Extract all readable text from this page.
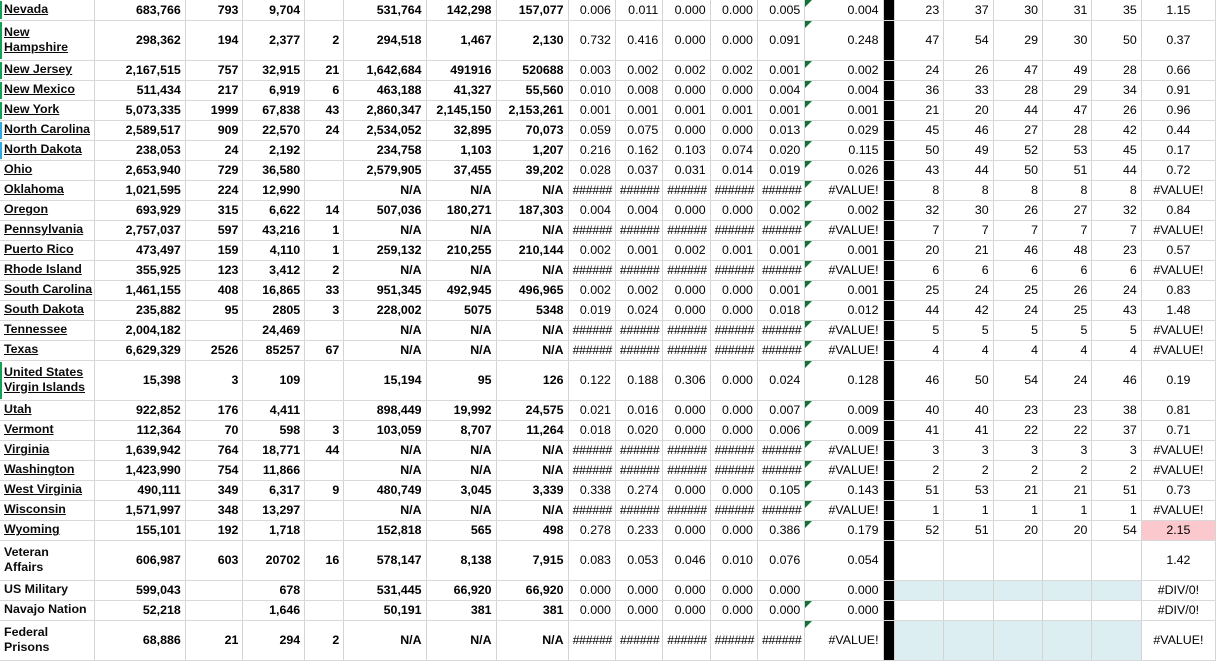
Nevada	683,766	793	9,704		531,764	142,298	157,077	0.006	0.011	0.000	0.000	0.005	0.004		23	37	30	31	35	1.15
New Hampshire	298,362	194	2,377	2	294,518	1,467	2,130	0.732	0.416	0.000	0.000	0.091	0.248		47	54	29	30	50	0.37
New Jersey	2,167,515	757	32,915	21	1,642,684	491916	520688	0.003	0.002	0.002	0.002	0.001	0.002		24	26	47	49	28	0.66
New Mexico	511,434	217	6,919	6	463,188	41,327	55,560	0.010	0.008	0.000	0.000	0.004	0.004		36	33	28	29	34	0.91
New York	5,073,335	1999	67,838	43	2,860,347	2,145,150	2,153,261	0.001	0.001	0.001	0.001	0.001	0.001		21	20	44	47	26	0.96
North Carolina	2,589,517	909	22,570	24	2,534,052	32,895	70,073	0.059	0.075	0.000	0.000	0.013	0.029		45	46	27	28	42	0.44
North Dakota	238,053	24	2,192		234,758	1,103	1,207	0.216	0.162	0.103	0.074	0.020	0.115		50	49	52	53	45	0.17
Ohio	2,653,940	729	36,580		2,579,905	37,455	39,202	0.028	0.037	0.031	0.014	0.019	0.026		43	44	50	51	44	0.72
Oklahoma	1,021,595	224	12,990		N/A	N/A	N/A	######	######	######	######	######	#VALUE!		8	8	8	8	8	#VALUE!
Oregon	693,929	315	6,622	14	507,036	180,271	187,303	0.004	0.004	0.000	0.000	0.002	0.002		32	30	26	27	32	0.84
Pennsylvania	2,757,037	597	43,216	1	N/A	N/A	N/A	######	######	######	######	######	#VALUE!		7	7	7	7	7	#VALUE!
Puerto Rico	473,497	159	4,110	1	259,132	210,255	210,144	0.002	0.001	0.002	0.001	0.001	0.001		20	21	46	48	23	0.57
Rhode Island	355,925	123	3,412	2	N/A	N/A	N/A	######	######	######	######	######	#VALUE!		6	6	6	6	6	#VALUE!
South Carolina	1,461,155	408	16,865	33	951,345	492,945	496,965	0.002	0.002	0.000	0.000	0.001	0.001		25	24	25	26	24	0.83
South Dakota	235,882	95	2805	3	228,002	5075	5348	0.019	0.024	0.000	0.000	0.018	0.012		44	42	24	25	43	1.48
Tennessee	2,004,182		24,469		N/A	N/A	N/A	######	######	######	######	######	#VALUE!		5	5	5	5	5	#VALUE!
Texas	6,629,329	2526	85257	67	N/A	N/A	N/A	######	######	######	######	######	#VALUE!		4	4	4	4	4	#VALUE!
United States Virgin Islands	15,398	3	109		15,194	95	126	0.122	0.188	0.306	0.000	0.024	0.128		46	50	54	24	46	0.19
Utah	922,852	176	4,411		898,449	19,992	24,575	0.021	0.016	0.000	0.000	0.007	0.009		40	40	23	23	38	0.81
Vermont	112,364	70	598	3	103,059	8,707	11,264	0.018	0.020	0.000	0.000	0.006	0.009		41	41	22	22	37	0.71
Virginia	1,639,942	764	18,771	44	N/A	N/A	N/A	######	######	######	######	######	#VALUE!		3	3	3	3	3	#VALUE!
Washington	1,423,990	754	11,866		N/A	N/A	N/A	######	######	######	######	######	#VALUE!		2	2	2	2	2	#VALUE!
West Virginia	490,111	349	6,317	9	480,749	3,045	3,339	0.338	0.274	0.000	0.000	0.105	0.143		51	53	21	21	51	0.73
Wisconsin	1,571,997	348	13,297		N/A	N/A	N/A	######	######	######	######	######	#VALUE!		1	1	1	1	1	#VALUE!
Wyoming	155,101	192	1,718		152,818	565	498	0.278	0.233	0.000	0.000	0.386	0.179		52	51	20	20	54	2.15
Veteran Affairs	606,987	603	20702	16	578,147	8,138	7,915	0.083	0.053	0.046	0.010	0.076	0.054							1.42
US Military	599,043		678		531,445	66,920	66,920	0.000	0.000	0.000	0.000	0.000	0.000							#DIV/0!
Navajo Nation	52,218		1,646		50,191	381	381	0.000	0.000	0.000	0.000	0.000	0.000							#DIV/0!
Federal Prisons	68,886	21	294	2	N/A	N/A	N/A	######	######	######	######	######	#VALUE!							#VALUE!
